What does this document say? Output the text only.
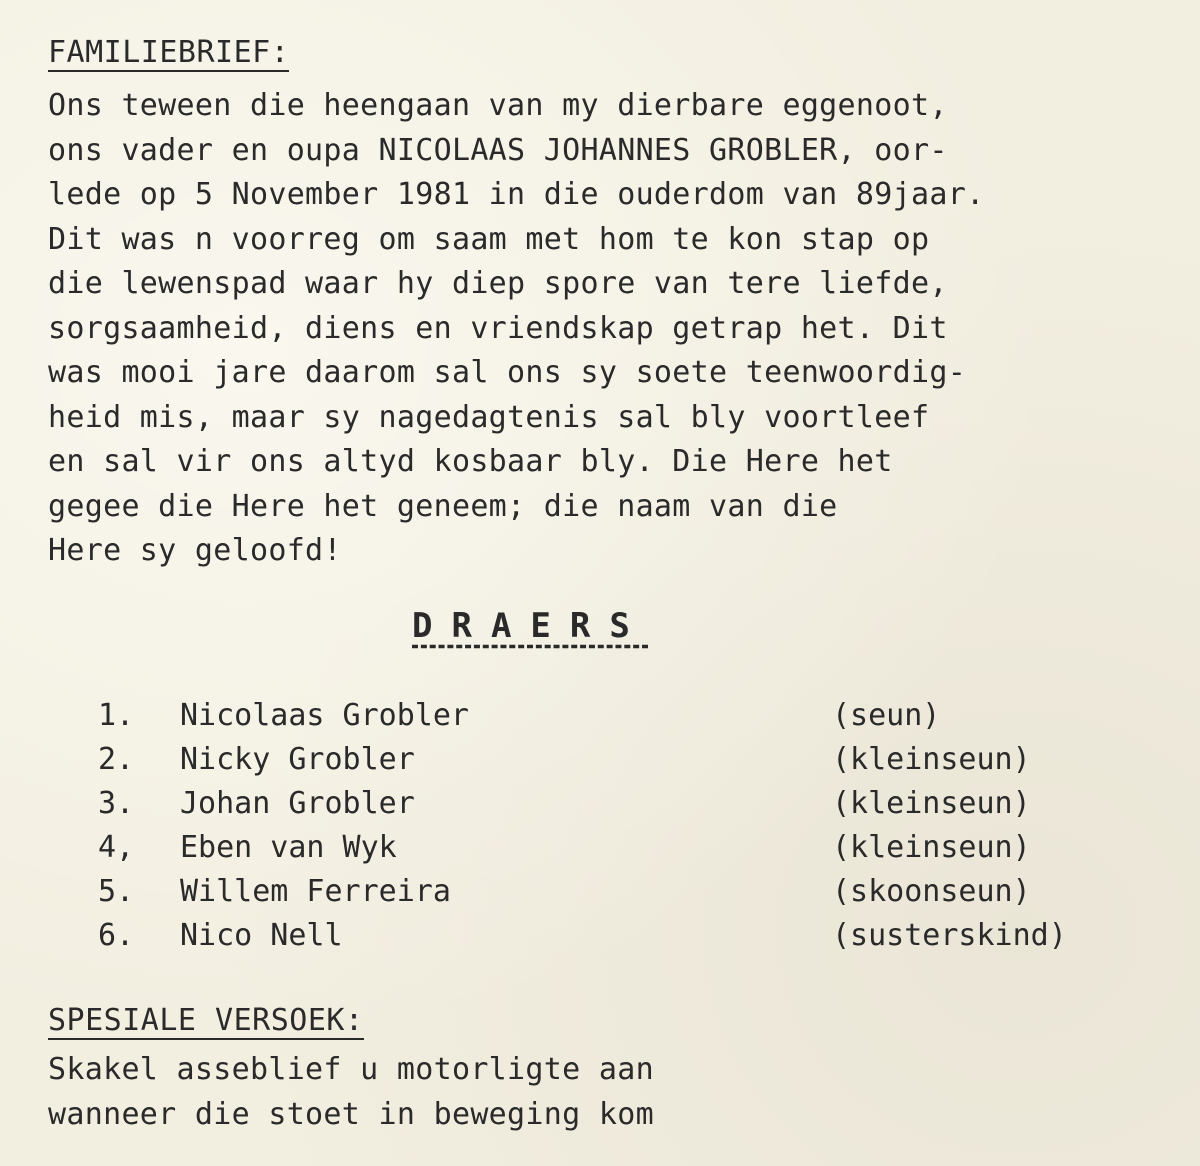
FAMILIEBRIEF:
Ons teween die heengaan van my dierbare eggenoot,
ons vader en oupa NICOLAAS JOHANNES GROBLER, oor-
lede op 5 November 1981 in die ouderdom van 89jaar.
Dit was n voorreg om saam met hom te kon stap op
die lewenspad waar hy diep spore van tere liefde,
sorgsaamheid, diens en vriendskap getrap het. Dit
was mooi jare daarom sal ons sy soete teenwoordig-
heid mis, maar sy nagedagtenis sal bly voortleef
en sal vir ons altyd kosbaar bly. Die Here het
gegee die Here het geneem; die naam van die
Here sy geloofd!
DRAERS
1. Nicolaas Grobler	(seun)
2. Nicky Grobler	(kleinseun)
3. Johan Grobler	(kleinseun)
4, Eben van Wyk	(kleinseun)
5. Willem Ferreira	(skoonseun)
6. Nico Nell	(susterskind)
SPESIALE VERSOEK:
Skakel asseblief u motorligte aan
wanneer die stoet in beweging kom
